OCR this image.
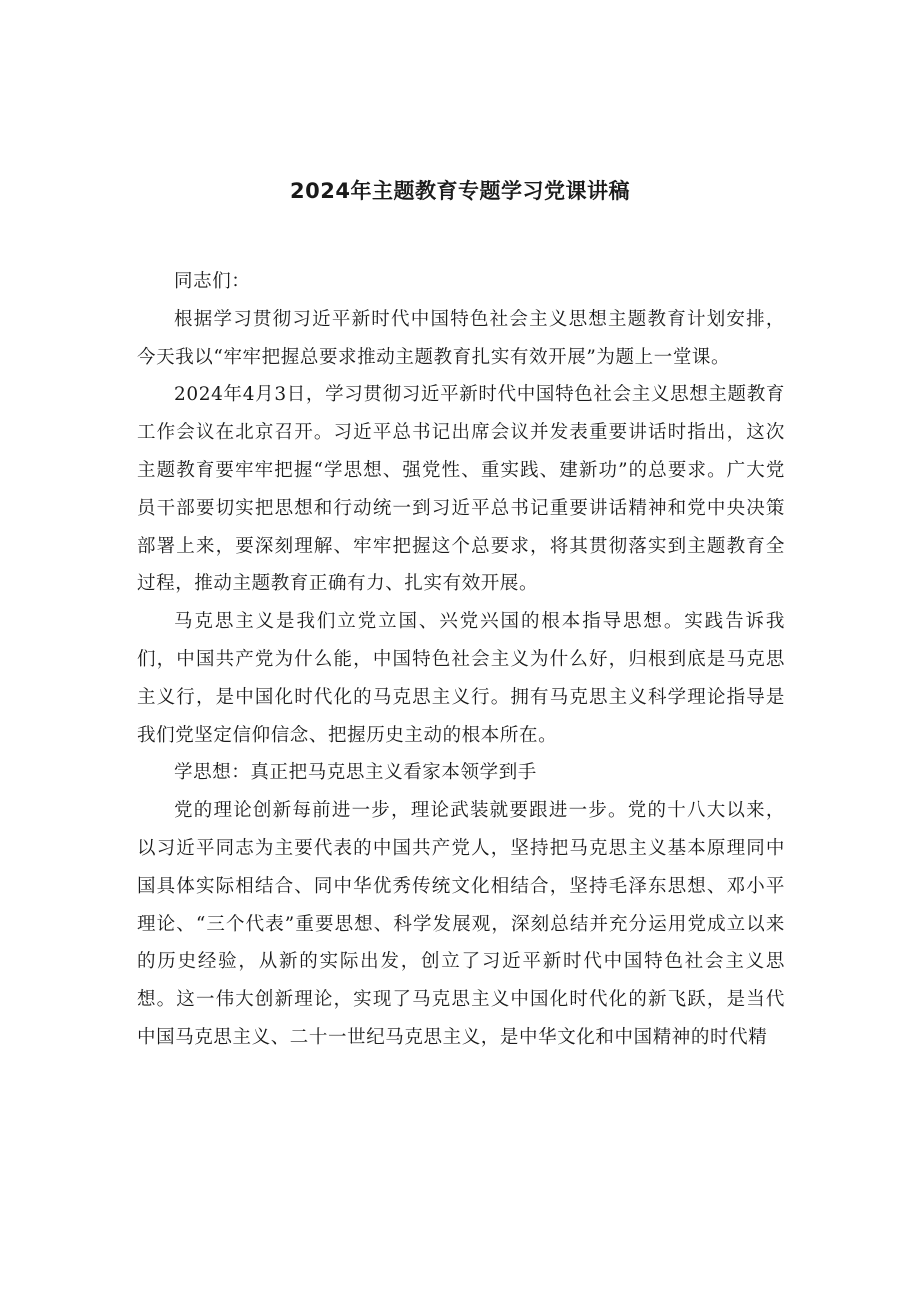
2024年主题教育专题学习党课讲稿

同志们：

根据学习贯彻习近平新时代中国特色社会主义思想主题教育计划安排，今天我以“牢牢把握总要求推动主题教育扎实有效开展”为题上一堂课。

2024年4月3日，学习贯彻习近平新时代中国特色社会主义思想主题教育工作会议在北京召开。习近平总书记出席会议并发表重要讲话时指出，这次主题教育要牢牢把握“学思想、强党性、重实践、建新功”的总要求。广大党员干部要切实把思想和行动统一到习近平总书记重要讲话精神和党中央决策部署上来，要深刻理解、牢牢把握这个总要求，将其贯彻落实到主题教育全过程，推动主题教育正确有力、扎实有效开展。

马克思主义是我们立党立国、兴党兴国的根本指导思想。实践告诉我们，中国共产党为什么能，中国特色社会主义为什么好，归根到底是马克思主义行，是中国化时代化的马克思主义行。拥有马克思主义科学理论指导是我们党坚定信仰信念、把握历史主动的根本所在。

学思想：真正把马克思主义看家本领学到手

党的理论创新每前进一步，理论武装就要跟进一步。党的十八大以来，以习近平同志为主要代表的中国共产党人，坚持把马克思主义基本原理同中国具体实际相结合、同中华优秀传统文化相结合，坚持毛泽东思想、邓小平理论、“三个代表”重要思想、科学发展观，深刻总结并充分运用党成立以来的历史经验，从新的实际出发，创立了习近平新时代中国特色社会主义思想。这一伟大创新理论，实现了马克思主义中国化时代化的新飞跃，是当代中国马克思主义、二十一世纪马克思主义，是中华文化和中国精神的时代精
